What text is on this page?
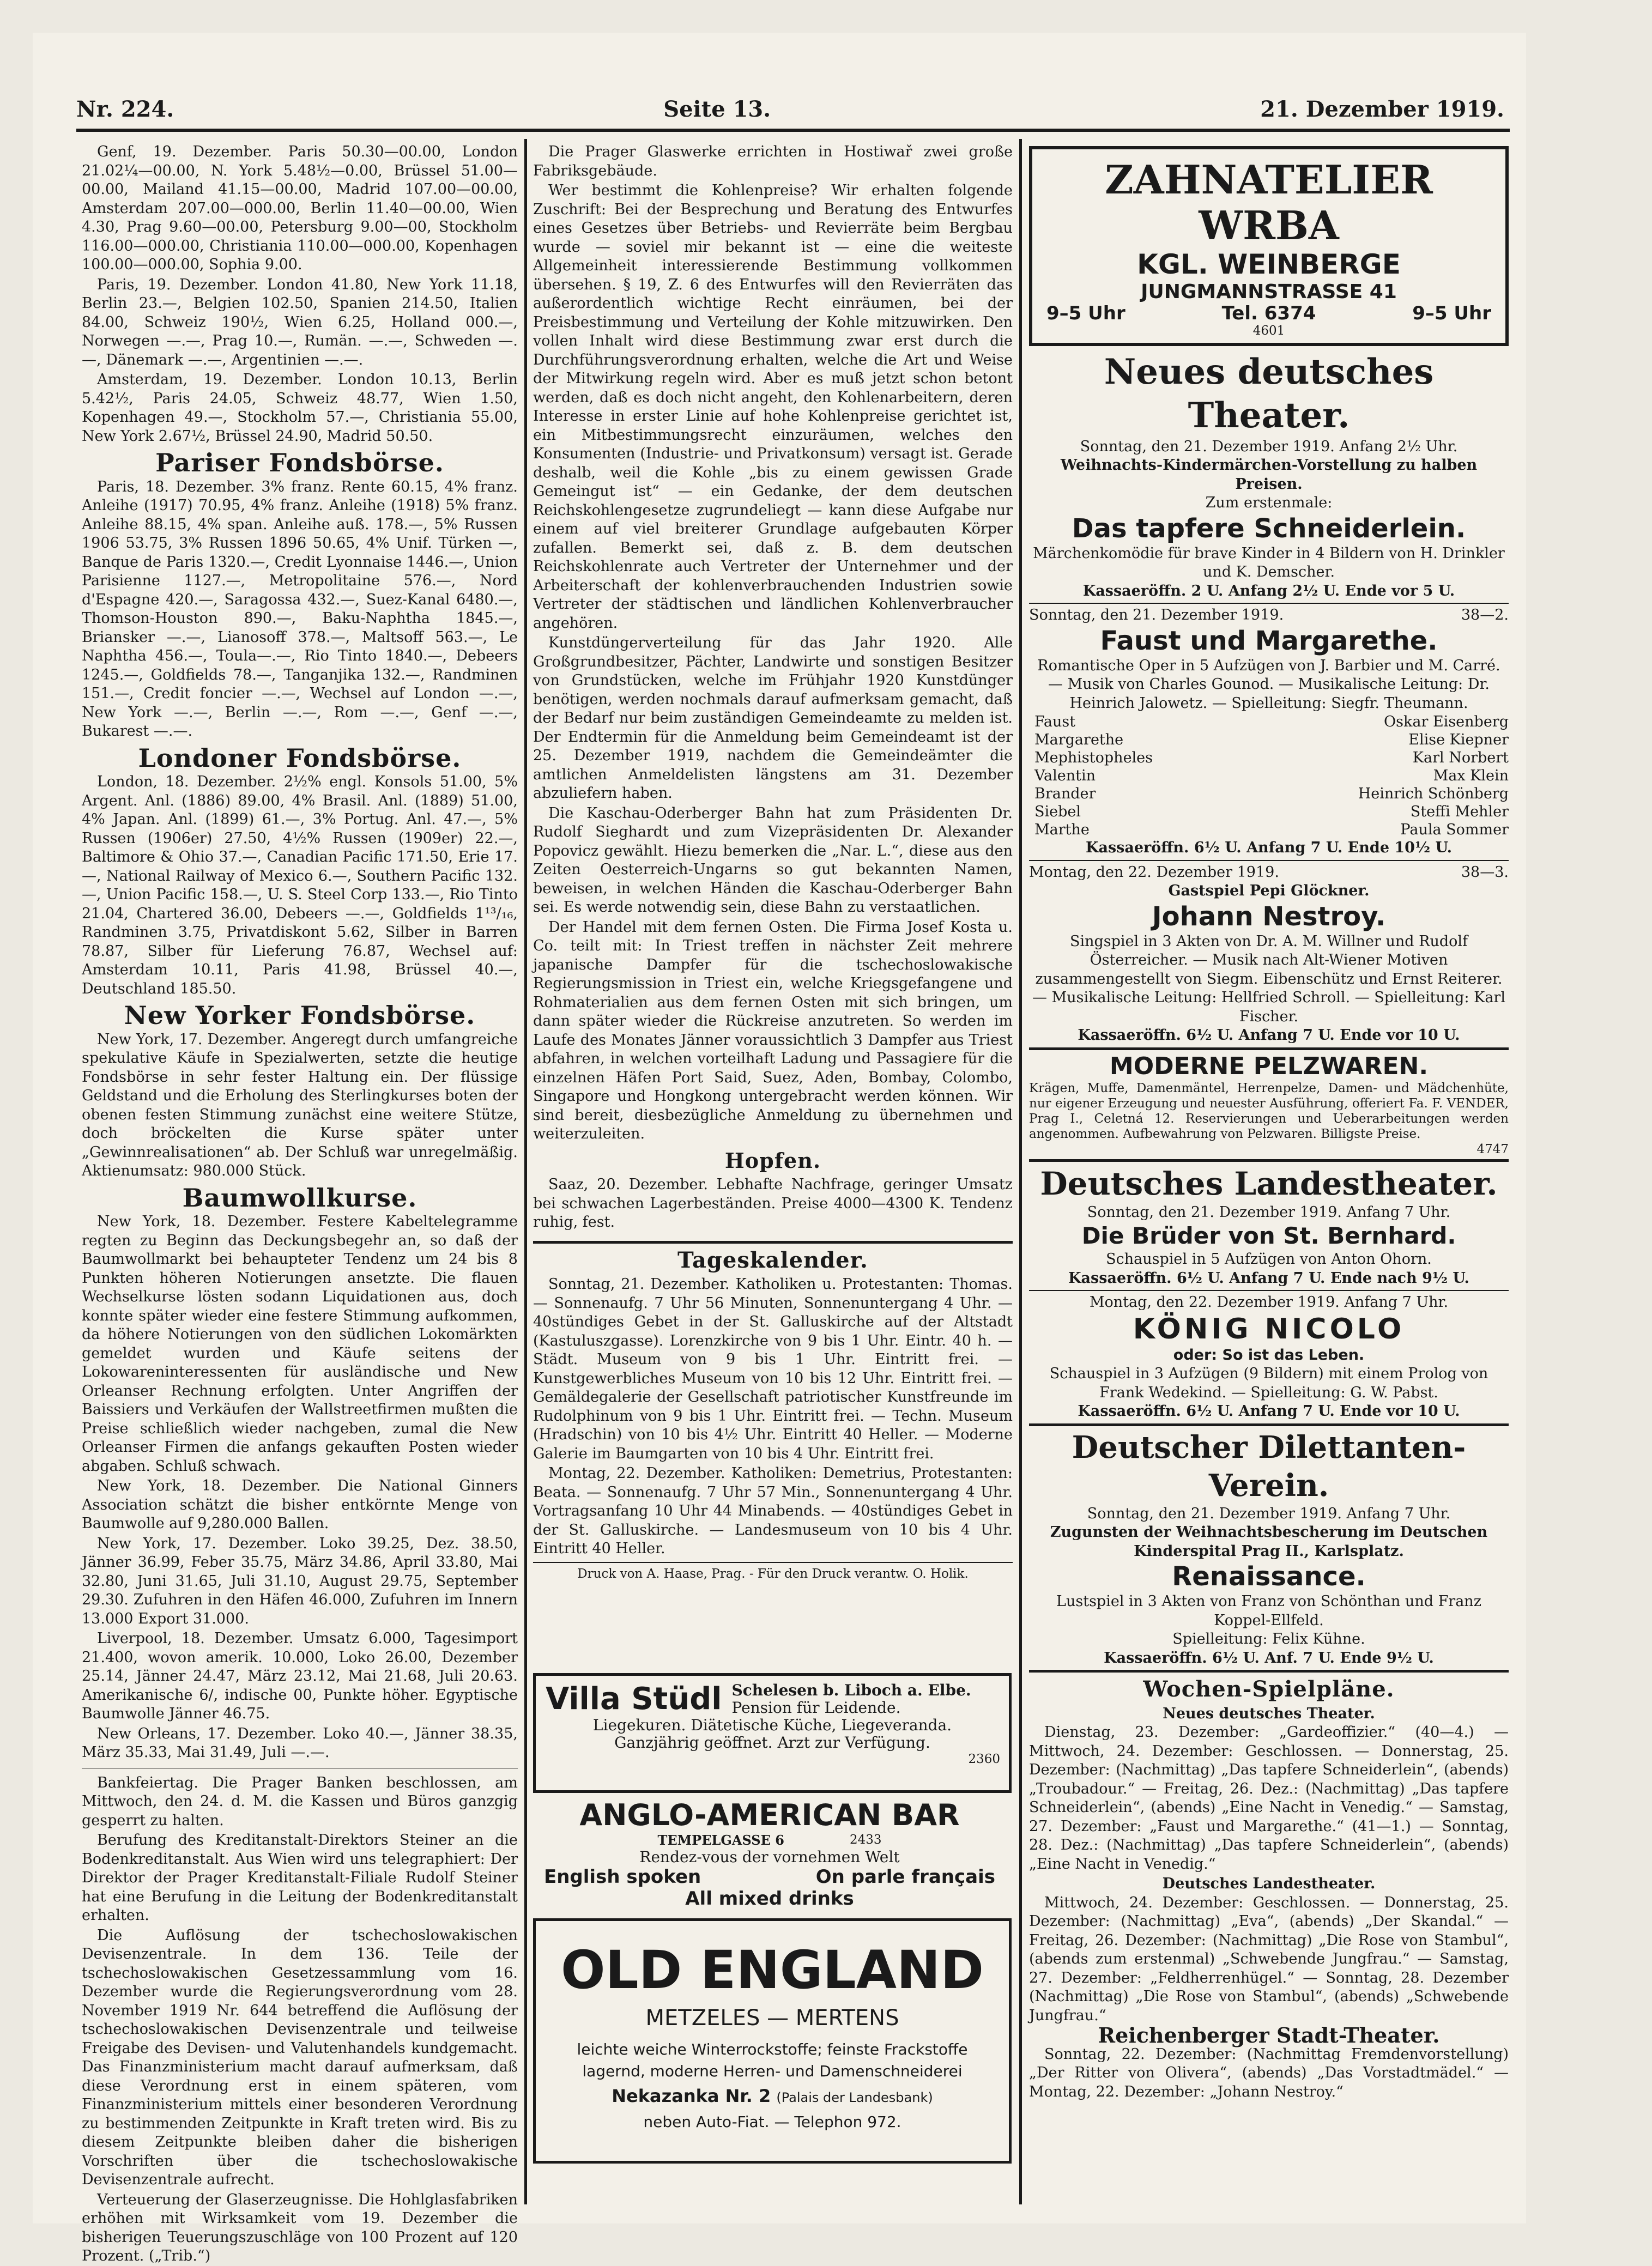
Nr. 224.	Seite 13.	21. Dezember 1919.

Genf, 19. Dezember. Paris 50.30—00.00, London 21.02¼—00.00, N. York 5.48½—0.00, Brüssel 51.00—00.00, Mailand 41.15—00.00, Madrid 107.00—00.00, Amsterdam 207.00—000.00, Berlin 11.40—00.00, Wien 4.30, Prag 9.60—00.00, Petersburg 9.00—00, Stockholm 116.00—000.00, Christiania 110.00—000.00, Kopenhagen 100.00—000.00, Sophia 9.00.

Paris, 19. Dezember. London 41.80, New York 11.18, Berlin 23.—, Belgien 102.50, Spanien 214.50, Italien 84.00, Schweiz 190½, Wien 6.25, Holland 000.—, Norwegen —.—, Prag 10.—, Rumän. —.—, Schweden —.—, Dänemark —.—, Argentinien —.—.

Amsterdam, 19. Dezember. London 10.13, Berlin 5.42½, Paris 24.05, Schweiz 48.77, Wien 1.50, Kopenhagen 49.—, Stockholm 57.—, Christiania 55.00, New York 2.67½, Brüssel 24.90, Madrid 50.50.

Pariser Fondsbörse.

Paris, 18. Dezember. 3% franz. Rente 60.15, 4% franz. Anleihe (1917) 70.95, 4% franz. Anleihe (1918) 5% franz. Anleihe 88.15, 4% span. Anleihe auß. 178.—, 5% Russen 1906 53.75, 3% Russen 1896 50.65, 4% Unif. Türken —, Banque de Paris 1320.—, Credit Lyonnaise 1446.—, Union Parisienne 1127.—, Metropolitaine 576.—, Nord d'Espagne 420.—, Saragossa 432.—, Suez-Kanal 6480.—, Thomson-Houston 890.—, Baku-Naphtha 1845.—, Briansker —.—, Lianosoff 378.—, Maltsoff 563.—, Le Naphtha 456.—, Toula—.—, Rio Tinto 1840.—, Debeers 1245.—, Goldfields 78.—, Tanganjika 132.—, Randminen 151.—, Credit foncier —.—, Wechsel auf London —.—, New York —.—, Berlin —.—, Rom —.—, Genf —.—, Bukarest —.—.

Londoner Fondsbörse.

London, 18. Dezember. 2½% engl. Konsols 51.00, 5% Argent. Anl. (1886) 89.00, 4% Brasil. Anl. (1889) 51.00, 4% Japan. Anl. (1899) 61.—, 3% Portug. Anl. 47.—, 5% Russen (1906er) 27.50, 4½% Russen (1909er) 22.—, Baltimore & Ohio 37.—, Canadian Pacific 171.50, Erie 17.—, National Railway of Mexico 6.—, Southern Pacific 132.—, Union Pacific 158.—, U. S. Steel Corp 133.—, Rio Tinto 21.04, Chartered 36.00, Debeers —.—, Goldfields 1¹³/₁₆, Randminen 3.75, Privatdiskont 5.62, Silber in Barren 78.87, Silber für Lieferung 76.87, Wechsel auf: Amsterdam 10.11, Paris 41.98, Brüssel 40.—, Deutschland 185.50.

New Yorker Fondsbörse.

New York, 17. Dezember. Angeregt durch umfangreiche spekulative Käufe in Spezialwerten, setzte die heutige Fondsbörse in sehr fester Haltung ein. Der flüssige Geldstand und die Erholung des Sterlingkurses boten der obenen festen Stimmung zunächst eine weitere Stütze, doch bröckelten die Kurse später unter „Gewinnrealisationen“ ab. Der Schluß war unregelmäßig. Aktienumsatz: 980.000 Stück.

Baumwollkurse.

New York, 18. Dezember. Festere Kabeltelegramme regten zu Beginn das Deckungsbegehr an, so daß der Baumwollmarkt bei behaupteter Tendenz um 24 bis 8 Punkten höheren Notierungen ansetzte. Die flauen Wechselkurse lösten sodann Liquidationen aus, doch konnte später wieder eine festere Stimmung aufkommen, da höhere Notierungen von den südlichen Lokomärkten gemeldet wurden und Käufe seitens der Lokowareninteressenten für ausländische und New Orleanser Rechnung erfolgten. Unter Angriffen der Baissiers und Verkäufen der Wallstreetfirmen mußten die Preise schließlich wieder nachgeben, zumal die New Orleanser Firmen die anfangs gekauften Posten wieder abgaben. Schluß schwach.

New York, 18. Dezember. Die National Ginners Association schätzt die bisher entkörnte Menge von Baumwolle auf 9,280.000 Ballen.

New York, 17. Dezember. Loko 39.25, Dez. 38.50, Jänner 36.99, Feber 35.75, März 34.86, April 33.80, Mai 32.80, Juni 31.65, Juli 31.10, August 29.75, September 29.30. Zufuhren in den Häfen 46.000, Zufuhren im Innern 13.000 Export 31.000.

Liverpool, 18. Dezember. Umsatz 6.000, Tagesimport 21.400, wovon amerik. 10.000, Loko 26.00, Dezember 25.14, Jänner 24.47, März 23.12, Mai 21.68, Juli 20.63. Amerikanische 6/, indische 00, Punkte höher. Egyptische Baumwolle Jänner 46.75.

New Orleans, 17. Dezember. Loko 40.—, Jänner 38.35, März 35.33, Mai 31.49, Juli —.—.

Bankfeiertag. Die Prager Banken beschlossen, am Mittwoch, den 24. d. M. die Kassen und Büros ganzgig gesperrt zu halten.

Berufung des Kreditanstalt-Direktors Steiner an die Bodenkreditanstalt. Aus Wien wird uns telegraphiert: Der Direktor der Prager Kreditanstalt-Filiale Rudolf Steiner hat eine Berufung in die Leitung der Bodenkreditanstalt erhalten.

Die Auflösung der tschechoslowakischen Devisenzentrale. In dem 136. Teile der tschechoslowakischen Gesetzessammlung vom 16. Dezember wurde die Regierungsverordnung vom 28. November 1919 Nr. 644 betreffend die Auflösung der tschechoslowakischen Devisenzentrale und teilweise Freigabe des Devisen- und Valutenhandels kundgemacht. Das Finanzministerium macht darauf aufmerksam, daß diese Verordnung erst in einem späteren, vom Finanzministerium mittels einer besonderen Verordnung zu bestimmenden Zeitpunkte in Kraft treten wird. Bis zu diesem Zeitpunkte bleiben daher die bisherigen Vorschriften über die tschechoslowakische Devisenzentrale aufrecht.

Verteuerung der Glaserzeugnisse. Die Hohlglasfabriken erhöhen mit Wirksamkeit vom 19. Dezember die bisherigen Teuerungszuschläge von 100 Prozent auf 120 Prozent. („Trib.“)

Die Prager Glaswerke errichten in Hostiwař zwei große Fabriksgebäude.

Wer bestimmt die Kohlenpreise? Wir erhalten folgende Zuschrift: Bei der Besprechung und Beratung des Entwurfes eines Gesetzes über Betriebs- und Revierräte beim Bergbau wurde — soviel mir bekannt ist — eine die weiteste Allgemeinheit interessierende Bestimmung vollkommen übersehen. § 19, Z. 6 des Entwurfes will den Revierräten das außerordentlich wichtige Recht einräumen, bei der Preisbestimmung und Verteilung der Kohle mitzuwirken. Den vollen Inhalt wird diese Bestimmung zwar erst durch die Durchführungsverordnung erhalten, welche die Art und Weise der Mitwirkung regeln wird. Aber es muß jetzt schon betont werden, daß es doch nicht angeht, den Kohlenarbeitern, deren Interesse in erster Linie auf hohe Kohlenpreise gerichtet ist, ein Mitbestimmungsrecht einzuräumen, welches den Konsumenten (Industrie- und Privatkonsum) versagt ist. Gerade deshalb, weil die Kohle „bis zu einem gewissen Grade Gemeingut ist“ — ein Gedanke, der dem deutschen Reichskohlengesetze zugrundeliegt — kann diese Aufgabe nur einem auf viel breiterer Grundlage aufgebauten Körper zufallen. Bemerkt sei, daß z. B. dem deutschen Reichskohlenrate auch Vertreter der Unternehmer und der Arbeiterschaft der kohlenverbrauchenden Industrien sowie Vertreter der städtischen und ländlichen Kohlenverbraucher angehören.

Kunstdüngerverteilung für das Jahr 1920. Alle Großgrundbesitzer, Pächter, Landwirte und sonstigen Besitzer von Grundstücken, welche im Frühjahr 1920 Kunstdünger benötigen, werden nochmals darauf aufmerksam gemacht, daß der Bedarf nur beim zuständigen Gemeindeamte zu melden ist. Der Endtermin für die Anmeldung beim Gemeindeamt ist der 25. Dezember 1919, nachdem die Gemeindeämter die amtlichen Anmeldelisten längstens am 31. Dezember abzuliefern haben.

Die Kaschau-Oderberger Bahn hat zum Präsidenten Dr. Rudolf Sieghardt und zum Vizepräsidenten Dr. Alexander Popovicz gewählt. Hiezu bemerken die „Nar. L.“, diese aus den Zeiten Oesterreich-Ungarns so gut bekannten Namen, beweisen, in welchen Händen die Kaschau-Oderberger Bahn sei. Es werde notwendig sein, diese Bahn zu verstaatlichen.

Der Handel mit dem fernen Osten. Die Firma Josef Kosta u. Co. teilt mit: In Triest treffen in nächster Zeit mehrere japanische Dampfer für die tschechoslowakische Regierungsmission in Triest ein, welche Kriegsgefangene und Rohmaterialien aus dem fernen Osten mit sich bringen, um dann später wieder die Rückreise anzutreten. So werden im Laufe des Monates Jänner voraussichtlich 3 Dampfer aus Triest abfahren, in welchen vorteilhaft Ladung und Passagiere für die einzelnen Häfen Port Said, Suez, Aden, Bombay, Colombo, Singapore und Hongkong untergebracht werden können. Wir sind bereit, diesbezügliche Anmeldung zu übernehmen und weiterzuleiten.

Hopfen.

Saaz, 20. Dezember. Lebhafte Nachfrage, geringer Umsatz bei schwachen Lagerbeständen. Preise 4000—4300 K. Tendenz ruhig, fest.

Tageskalender.

Sonntag, 21. Dezember. Katholiken u. Protestanten: Thomas. — Sonnenaufg. 7 Uhr 56 Minuten, Sonnenuntergang 4 Uhr. — 40stündiges Gebet in der St. Galluskirche auf der Altstadt (Kastuluszgasse). Lorenzkirche von 9 bis 1 Uhr. Eintr. 40 h. — Städt. Museum von 9 bis 1 Uhr. Eintritt frei. — Kunstgewerbliches Museum von 10 bis 12 Uhr. Eintritt frei. — Gemäldegalerie der Gesellschaft patriotischer Kunstfreunde im Rudolphinum von 9 bis 1 Uhr. Eintritt frei. — Techn. Museum (Hradschin) von 10 bis 4½ Uhr. Eintritt 40 Heller. — Moderne Galerie im Baumgarten von 10 bis 4 Uhr. Eintritt frei.

Montag, 22. Dezember. Katholiken: Demetrius, Protestanten: Beata. — Sonnenaufg. 7 Uhr 57 Min., Sonnenuntergang 4 Uhr. Vortragsanfang 10 Uhr 44 Minabends. — 40stündiges Gebet in der St. Galluskirche. — Landesmuseum von 10 bis 4 Uhr. Eintritt 40 Heller.

Druck von A. Haase, Prag. - Für den Druck verantw. O. Holik.
Villa Stüdl Schelesen b. Liboch a. Elbe.
Pension für Leidende.
Liegekuren. Diätetische Küche, Liegeveranda.
Ganzjährig geöffnet. Arzt zur Verfügung.
2360
ANGLO-AMERICAN BAR
TEMPELGASSE 6	2433
Rendez-vous der vornehmen Welt
English spoken	On parle français
All mixed drinks
OLD ENGLAND
METZELES — MERTENS
leichte weiche Winterrockstoffe; feinste Frackstoffe
lagernd, moderne Herren- und Damenschneiderei
Nekazanka Nr. 2 (Palais der Landesbank)
neben Auto-Fiat. — Telephon 972.
ZAHNATELIER WRBA
KGL. WEINBERGE
JUNGMANNSTRASSE 41
9–5 Uhr	Tel. 6374	9–5 Uhr
4601
Neues deutsches Theater.
Sonntag, den 21. Dezember 1919. Anfang 2½ Uhr.
Weihnachts-Kindermärchen-Vorstellung zu halben Preisen.
Zum erstenmale:
Das tapfere Schneiderlein.
Märchenkomödie für brave Kinder in 4 Bildern von H. Drinkler und K. Demscher.
Kassaeröffn. 2 U. Anfang 2½ U. Ende vor 5 U.
Sonntag, den 21. Dezember 1919.	38—2.
Faust und Margarethe.
Romantische Oper in 5 Aufzügen von J. Barbier und M. Carré. — Musik von Charles Gounod. — Musikalische Leitung: Dr. Heinrich Jalowetz. — Spielleitung: Siegfr. Theumann.
Faust	Oskar Eisenberg
Margarethe	Elise Kiepner
Mephistopheles	Karl Norbert
Valentin	Max Klein
Brander	Heinrich Schönberg
Siebel	Steffi Mehler
Marthe	Paula Sommer
Kassaeröffn. 6½ U. Anfang 7 U. Ende 10½ U.
Montag, den 22. Dezember 1919.	38—3.
Gastspiel Pepi Glöckner.
Johann Nestroy.
Singspiel in 3 Akten von Dr. A. M. Willner und Rudolf Österreicher. — Musik nach Alt-Wiener Motiven zusammengestellt von Siegm. Eibenschütz und Ernst Reiterer. — Musikalische Leitung: Hellfried Schroll. — Spielleitung: Karl Fischer.
Kassaeröffn. 6½ U. Anfang 7 U. Ende vor 10 U.
MODERNE PELZWAREN.
Krägen, Muffe, Damenmäntel, Herrenpelze, Damen- und Mädchenhüte, nur eigener Erzeugung und neuester Ausführung, offeriert Fa. F. VENDER, Prag I., Celetná 12. Reservierungen und Ueberarbeitungen werden angenommen. Aufbewahrung von Pelzwaren. Billigste Preise.
4747
Deutsches Landestheater.
Sonntag, den 21. Dezember 1919. Anfang 7 Uhr.
Die Brüder von St. Bernhard.
Schauspiel in 5 Aufzügen von Anton Ohorn.
Kassaeröffn. 6½ U. Anfang 7 U. Ende nach 9½ U.
Montag, den 22. Dezember 1919. Anfang 7 Uhr.
KÖNIG NICOLO
oder: So ist das Leben.
Schauspiel in 3 Aufzügen (9 Bildern) mit einem Prolog von Frank Wedekind. — Spielleitung: G. W. Pabst.
Kassaeröffn. 6½ U. Anfang 7 U. Ende vor 10 U.
Deutscher Dilettanten-Verein.
Sonntag, den 21. Dezember 1919. Anfang 7 Uhr.
Zugunsten der Weihnachtsbescherung im Deutschen Kinderspital Prag II., Karlsplatz.
Renaissance.
Lustspiel in 3 Akten von Franz von Schönthan und Franz Koppel-Ellfeld.
Spielleitung: Felix Kühne.
Kassaeröffn. 6½ U. Anf. 7 U. Ende 9½ U.
Wochen-Spielpläne.
Neues deutsches Theater.

Dienstag, 23. Dezember: „Gardeoffizier.“ (40—4.) — Mittwoch, 24. Dezember: Geschlossen. — Donnerstag, 25. Dezember: (Nachmittag) „Das tapfere Schneiderlein“, (abends) „Troubadour.“ — Freitag, 26. Dez.: (Nachmittag) „Das tapfere Schneiderlein“, (abends) „Eine Nacht in Venedig.“ — Samstag, 27. Dezember: „Faust und Margarethe.“ (41—1.) — Sonntag, 28. Dez.: (Nachmittag) „Das tapfere Schneiderlein“, (abends) „Eine Nacht in Venedig.“

Deutsches Landestheater.

Mittwoch, 24. Dezember: Geschlossen. — Donnerstag, 25. Dezember: (Nachmittag) „Eva“, (abends) „Der Skandal.“ — Freitag, 26. Dezember: (Nachmittag) „Die Rose von Stambul“, (abends zum erstenmal) „Schwebende Jungfrau.“ — Samstag, 27. Dezember: „Feldherrenhügel.“ — Sonntag, 28. Dezember (Nachmittag) „Die Rose von Stambul“, (abends) „Schwebende Jungfrau.“

Reichenberger Stadt-Theater.

Sonntag, 22. Dezember: (Nachmittag Fremdenvorstellung) „Der Ritter von Olivera“, (abends) „Das Vorstadtmädel.“ — Montag, 22. Dezember: „Johann Nestroy.“
